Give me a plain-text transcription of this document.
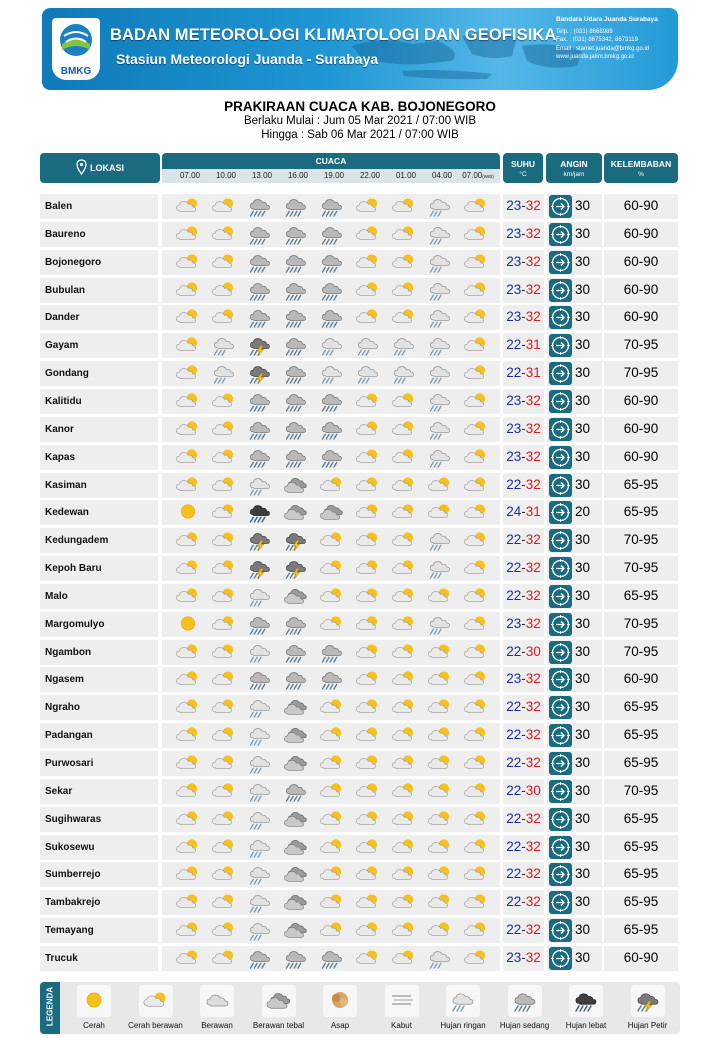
BMKG
BADAN METEOROLOGI KLIMATOLOGI DAN GEOFISIKA
Stasiun Meteorologi Juanda - Surabaya
Bandara Udara Juanda Surabaya
Telp. : (031) 8668989
Fax. : (031) 8675342, 8673119
Email : stamet.juanda@bmkg.go.id
www.juanda.jatim.bmkg.go.id
PRAKIRAAN CUACA KAB. BOJONEGORO
Berlaku Mulai : Jum 05 Mar 2021 / 07:00 WIB
Hingga : Sab 06 Mar 2021 / 07:00 WIB
LOKASI
CUACA
07.00	10.00	13.00	16.00	19.00	22.00	01.00	04.00	07.00(WIB)
SUHU
°C
ANGIN
km/jam
KELEMBABAN
%
Balen	23-32	30	60-90
Baureno	23-32	30	60-90
Bojonegoro	23-32	30	60-90
Bubulan	23-32	30	60-90
Dander	23-32	30	60-90
Gayam	22-31	30	70-95
Gondang	22-31	30	70-95
Kalitidu	23-32	30	60-90
Kanor	23-32	30	60-90
Kapas	23-32	30	60-90
Kasiman	22-32	30	65-95
Kedewan	24-31	20	65-95
Kedungadem	22-32	30	70-95
Kepoh Baru	22-32	30	70-95
Malo	22-32	30	65-95
Margomulyo	23-32	30	70-95
Ngambon	22-30	30	70-95
Ngasem	23-32	30	60-90
Ngraho	22-32	30	65-95
Padangan	22-32	30	65-95
Purwosari	22-32	30	65-95
Sekar	22-30	30	70-95
Sugihwaras	22-32	30	65-95
Sukosewu	22-32	30	65-95
Sumberrejo	22-32	30	65-95
Tambakrejo	22-32	30	65-95
Temayang	22-32	30	65-95
Trucuk	23-32	30	60-90
LEGENDA	Cerah	Cerah berawan	Berawan	Berawan tebal	Asap	Kabut	Hujan ringan	Hujan sedang	Hujan lebat	Hujan Petir
